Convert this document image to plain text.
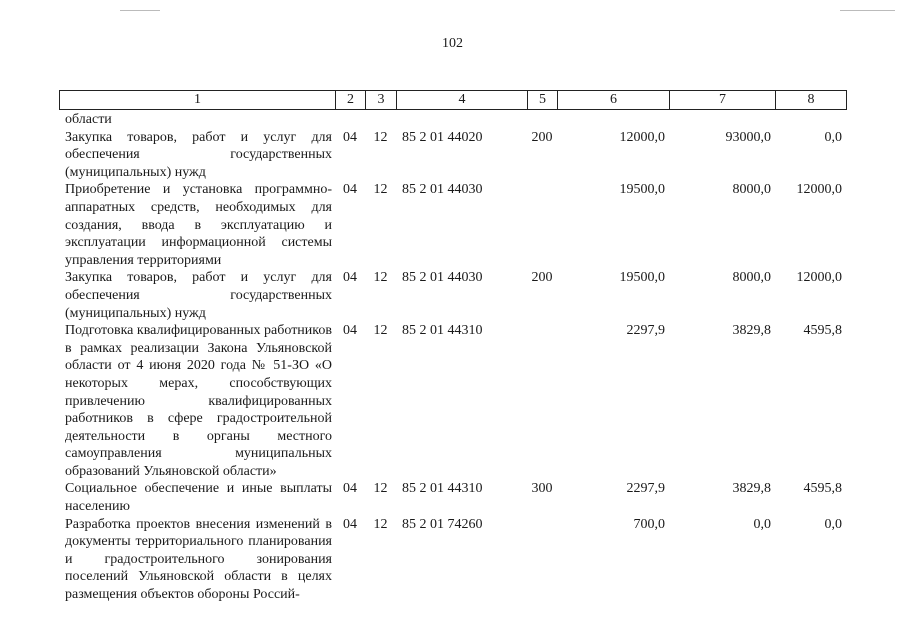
102
1	2	3	4	5	6	7	8
области							
Закупка товаров, работ и услуг для обеспечения государственных (муниципальных) нужд	04	12	85 2 01 44020	200	12000,0	93000,0	0,0
Приобретение и установка программно-аппаратных средств, необходимых для создания, ввода в эксплуатацию и эксплуатации информационной системы управления территориями	04	12	85 2 01 44030		19500,0	8000,0	12000,0
Закупка товаров, работ и услуг для обеспечения государственных (муниципальных) нужд	04	12	85 2 01 44030	200	19500,0	8000,0	12000,0
Подготовка квалифицированных работников в рамках реализации Закона Ульяновской области от 4 июня 2020 года № 51-ЗО «О некоторых мерах, способствующих привлечению квалифицированных работников в сфере градостроительной деятельности в органы местного самоуправления муниципальных образований Ульяновской области»	04	12	85 2 01 44310		2297,9	3829,8	4595,8
Социальное обеспечение и иные выплаты населению	04	12	85 2 01 44310	300	2297,9	3829,8	4595,8
Разработка проектов внесения изменений в документы территориального планирования и градостроительного зонирования поселений Ульяновской области в целях размещения объектов обороны Россий-	04	12	85 2 01 74260		700,0	0,0	0,0
